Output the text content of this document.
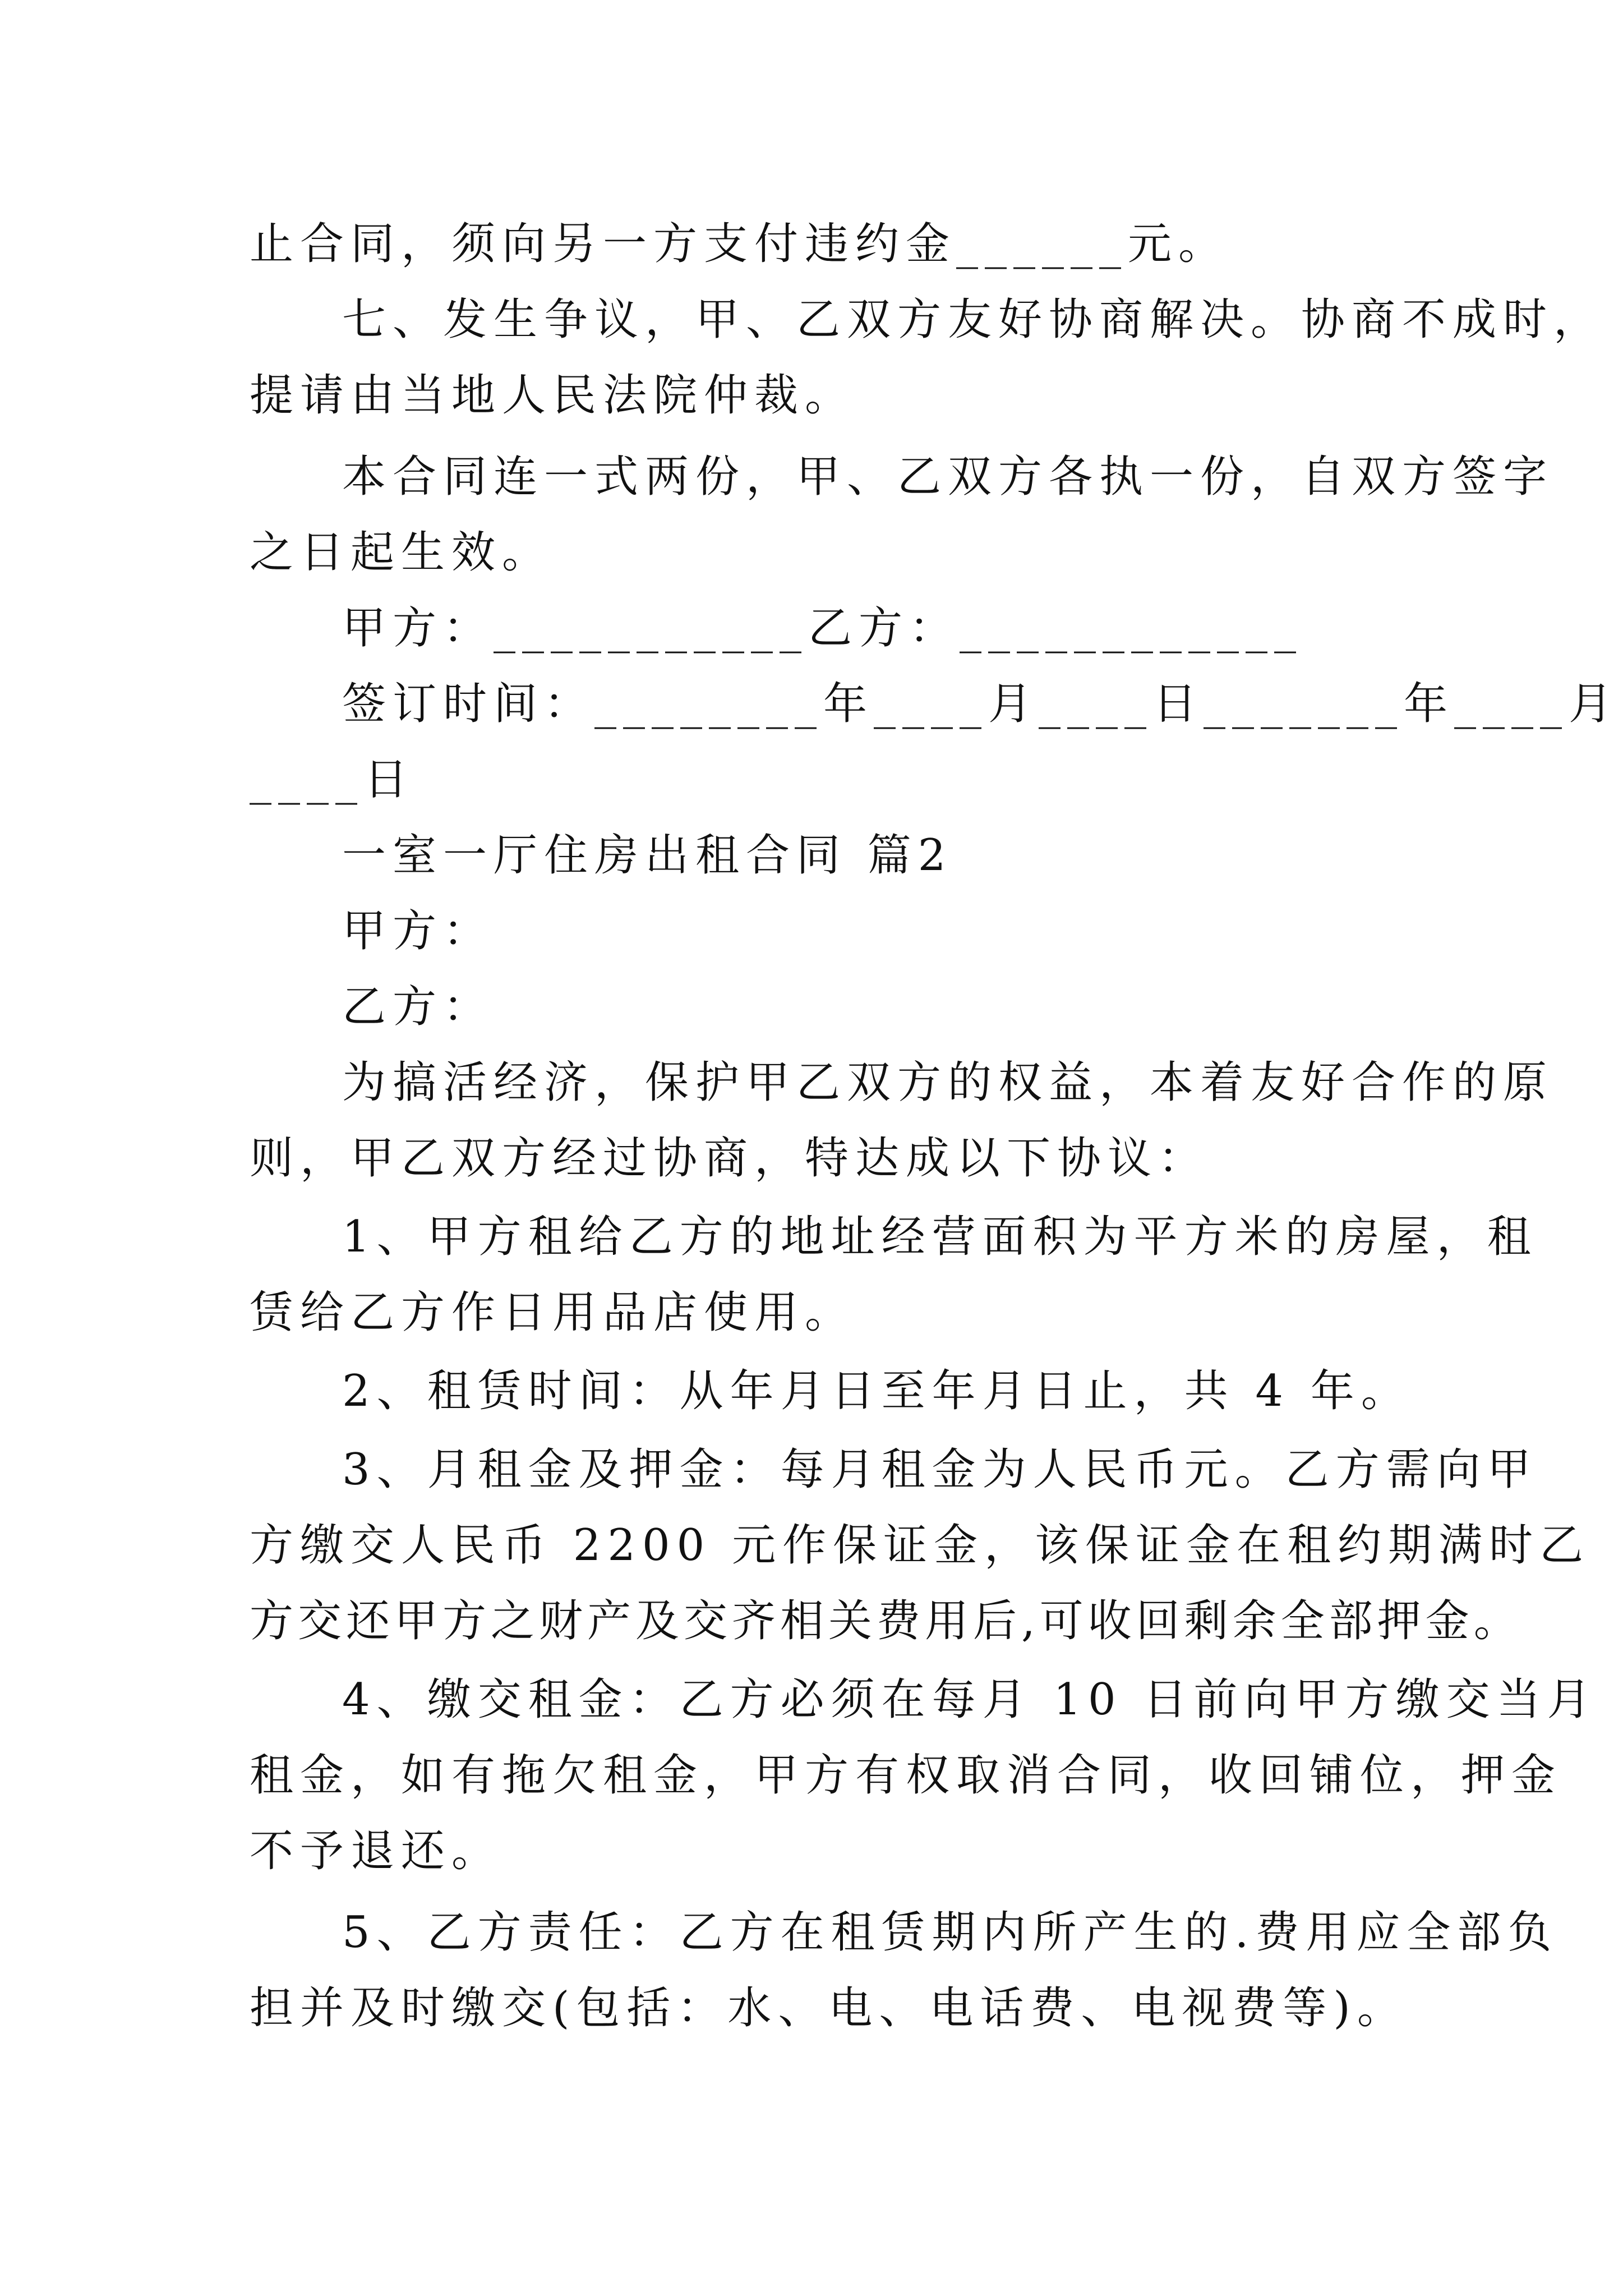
止合同，须向另一方支付违约金______元。
七、发生争议，甲、乙双方友好协商解决。协商不成时，
提请由当地人民法院仲裁。
本合同连一式两份，甲、乙双方各执一份，自双方签字
之日起生效。
甲方：___________乙方：____________
签订时间：________年____月____日_______年____月
____日
一室一厅住房出租合同 篇2
甲方：
乙方：
为搞活经济，保护甲乙双方的权益，本着友好合作的原
则，甲乙双方经过协商，特达成以下协议：
1、甲方租给乙方的地址经营面积为平方米的房屋，租
赁给乙方作日用品店使用。
2、租赁时间：从年月日至年月日止，共 4 年。
3、月租金及押金：每月租金为人民币元。乙方需向甲
方缴交人民币 2200 元作保证金，该保证金在租约期满时乙
方交还甲方之财产及交齐相关费用后,可收回剩余全部押金。
4、缴交租金：乙方必须在每月 10 日前向甲方缴交当月
租金，如有拖欠租金，甲方有权取消合同，收回铺位，押金
不予退还。
5、乙方责任：乙方在租赁期内所产生的.费用应全部负
担并及时缴交(包括：水、电、电话费、电视费等)。
